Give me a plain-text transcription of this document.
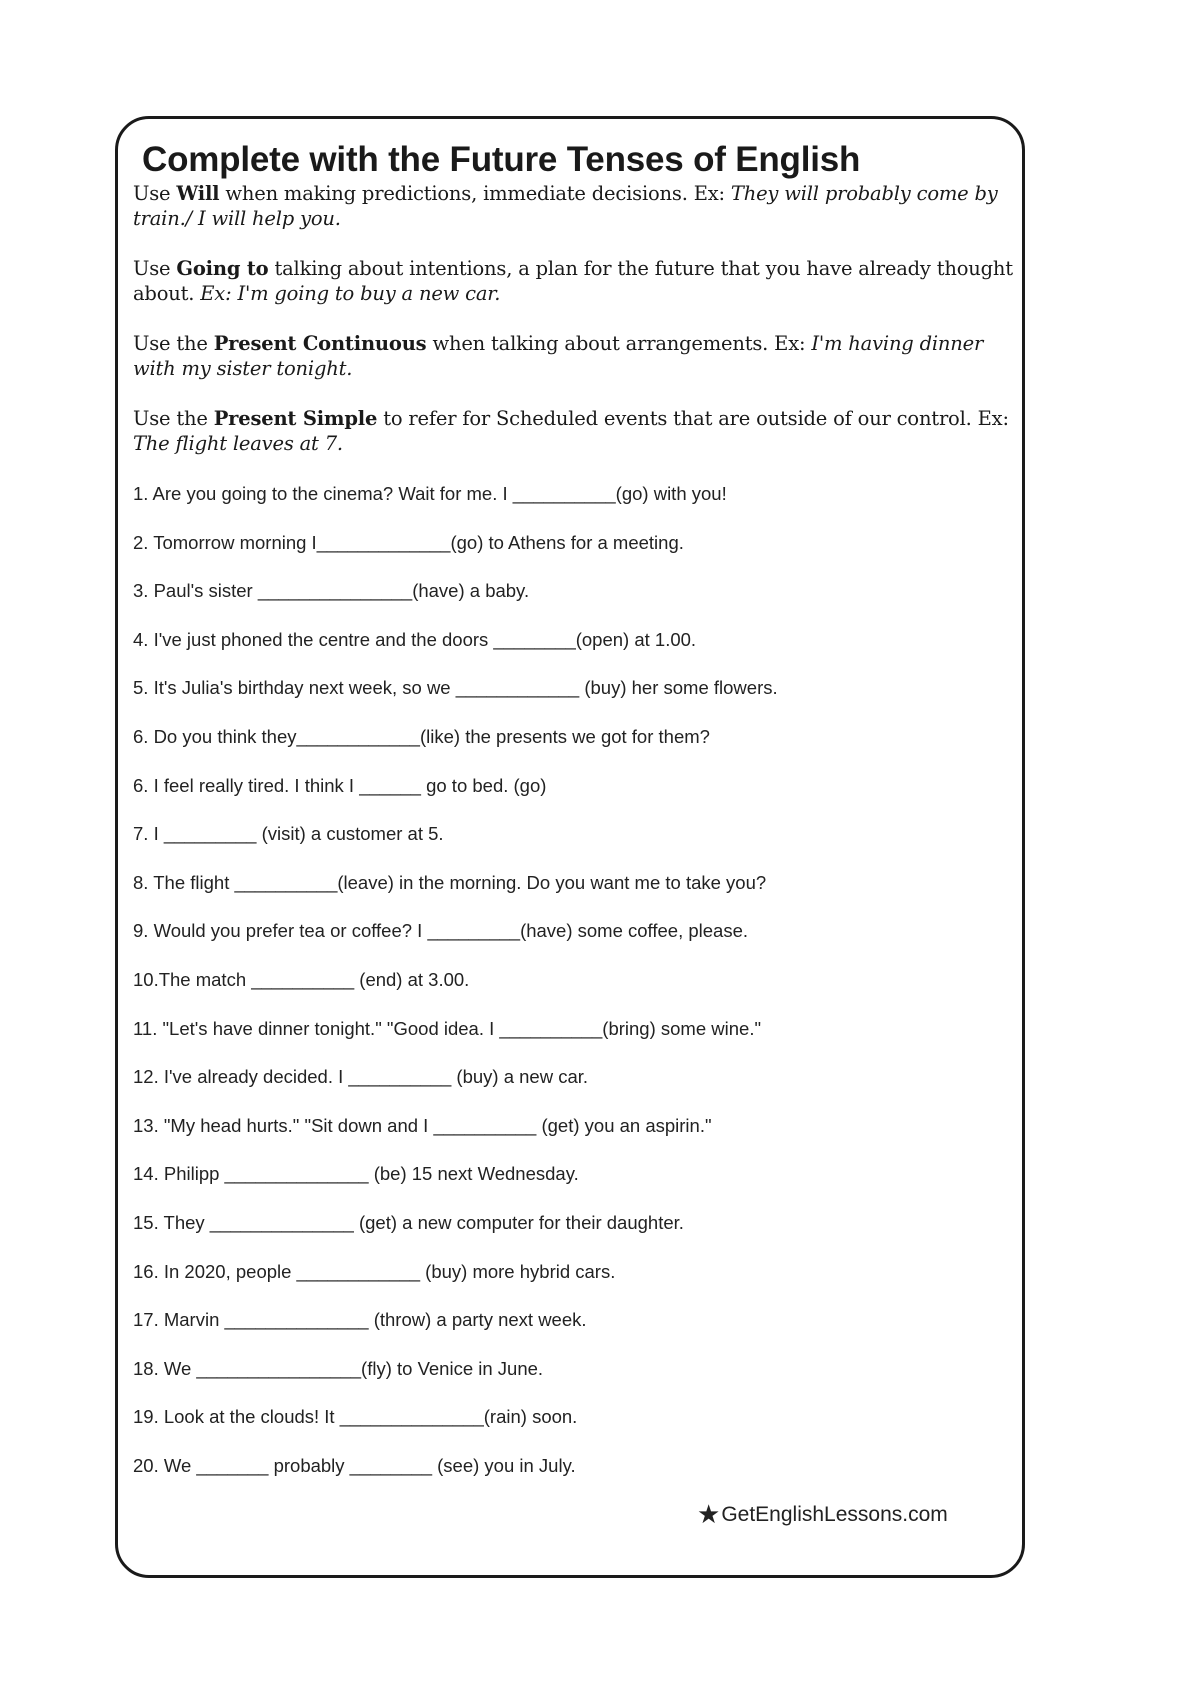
Complete with the Future Tenses of English

Use Will when making predictions, immediate decisions. Ex: They will probably come by train./ I will help you.

Use Going to talking about intentions, a plan for the future that you have already thought about. Ex: I'm going to buy a new car.

Use the Present Continuous when talking about arrangements. Ex: I'm having dinner with my sister tonight.

Use the Present Simple to refer for Scheduled events that are outside of our control. Ex: The flight leaves at 7.

1. Are you going to the cinema? Wait for me. I __________(go) with you!
2. Tomorrow morning I_____________(go) to Athens for a meeting.
3. Paul's sister _______________(have) a baby.
4. I've just phoned the centre and the doors ________(open) at 1.00.
5. It's Julia's birthday next week, so we ____________ (buy) her some flowers.
6. Do you think they____________(like) the presents we got for them?
6. I feel really tired. I think I ______ go to bed. (go)
7. I _________ (visit) a customer at 5.
8. The flight __________(leave) in the morning. Do you want me to take you?
9. Would you prefer tea or coffee? I _________(have) some coffee, please.
10.The match __________ (end) at 3.00.
11. "Let's have dinner tonight." "Good idea. I __________(bring) some wine."
12. I've already decided. I __________ (buy) a new car.
13. "My head hurts." "Sit down and I __________ (get) you an aspirin."
14. Philipp ______________ (be) 15 next Wednesday.
15. They ______________ (get) a new computer for their daughter.
16. In 2020, people ____________ (buy) more hybrid cars.
17. Marvin ______________ (throw) a party next week.
18. We ________________(fly) to Venice in June.
19. Look at the clouds! It ______________(rain) soon.
20. We _______ probably ________ (see) you in July.
★GetEnglishLessons.com
